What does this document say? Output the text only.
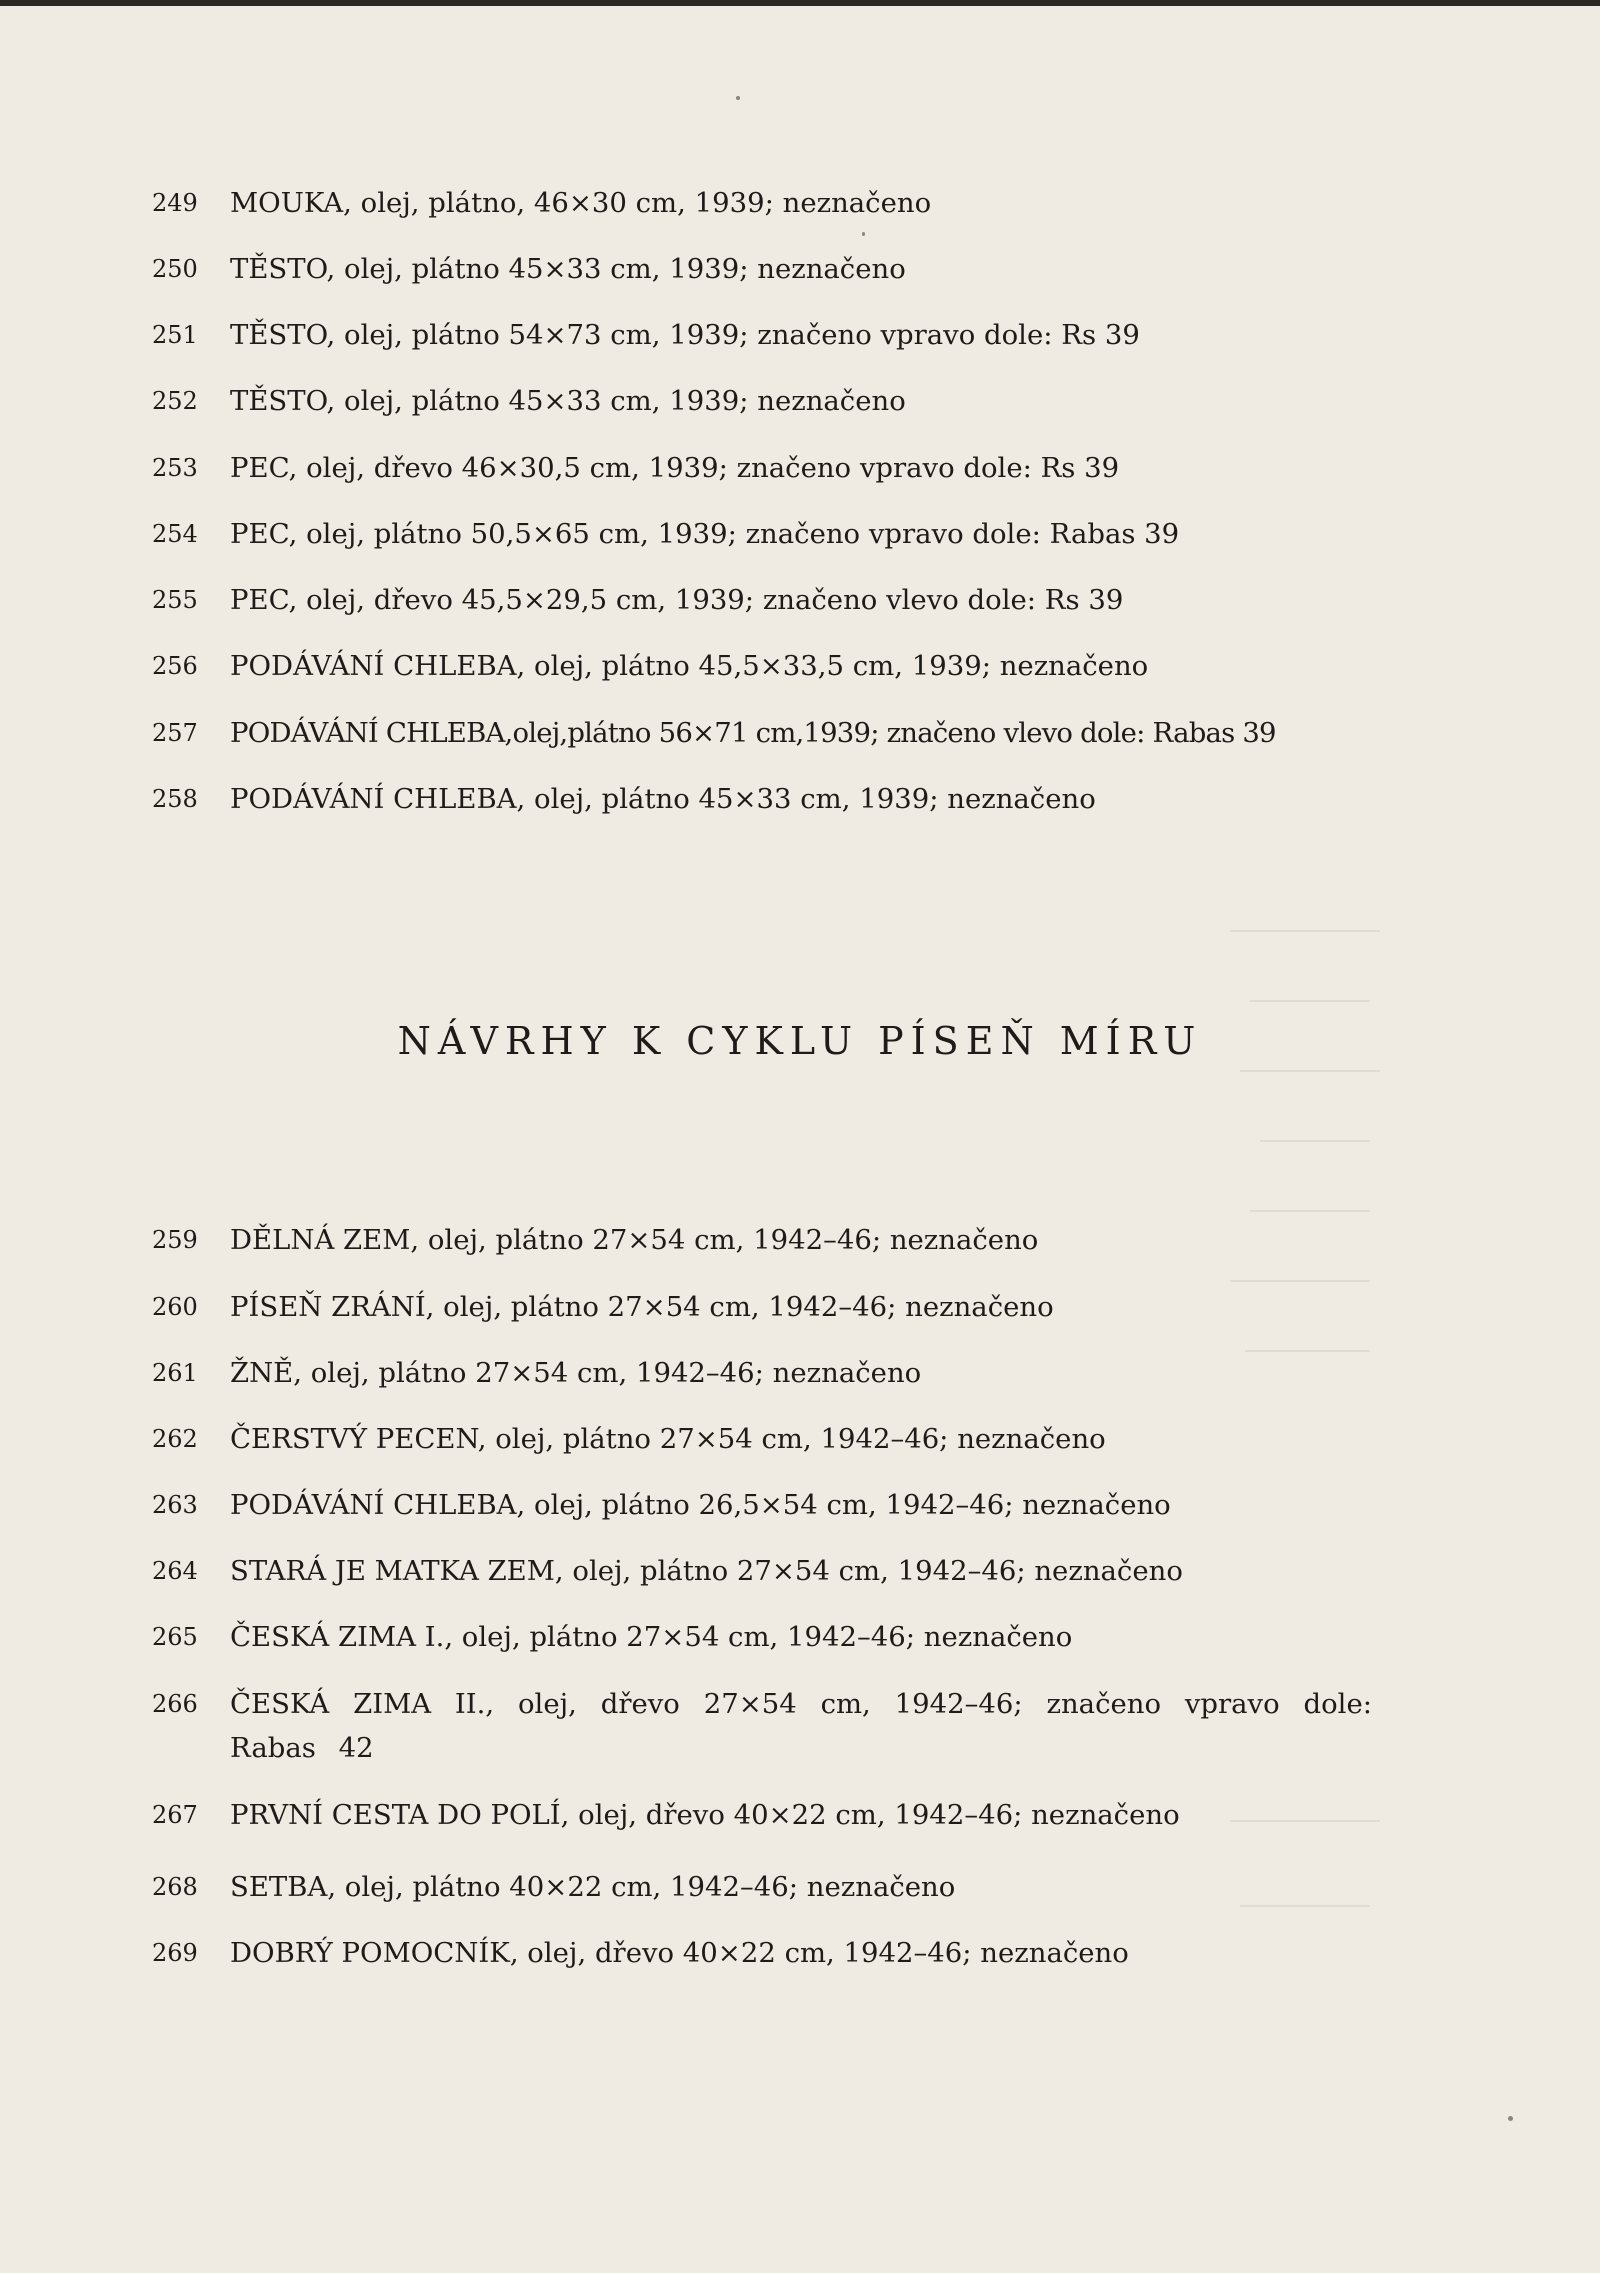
249	MOUKA, olej, plátno, 46×30 cm, 1939; neznačeno
250	TĚSTO, olej, plátno 45×33 cm, 1939; neznačeno
251	TĚSTO, olej, plátno 54×73 cm, 1939; značeno vpravo dole: Rs 39
252	TĚSTO, olej, plátno 45×33 cm, 1939; neznačeno
253	PEC, olej, dřevo 46×30,5 cm, 1939; značeno vpravo dole: Rs 39
254	PEC, olej, plátno 50,5×65 cm, 1939; značeno vpravo dole: Rabas 39
255	PEC, olej, dřevo 45,5×29,5 cm, 1939; značeno vlevo dole: Rs 39
256	PODÁVÁNÍ CHLEBA, olej, plátno 45,5×33,5 cm, 1939; neznačeno
257	PODÁVÁNÍ CHLEBA,olej,plátno 56×71 cm,1939; značeno vlevo dole: Rabas 39
258	PODÁVÁNÍ CHLEBA, olej, plátno 45×33 cm, 1939; neznačeno
NÁVRHY K CYKLU PÍSEŇ MÍRU
259	DĚLNÁ ZEM, olej, plátno 27×54 cm, 1942–46; neznačeno
260	PÍSEŇ ZRÁNÍ, olej, plátno 27×54 cm, 1942–46; neznačeno
261	ŽNĚ, olej, plátno 27×54 cm, 1942–46; neznačeno
262	ČERSTVÝ PECEN, olej, plátno 27×54 cm, 1942–46; neznačeno
263	PODÁVÁNÍ CHLEBA, olej, plátno 26,5×54 cm, 1942–46; neznačeno
264	STARÁ JE MATKA ZEM, olej, plátno 27×54 cm, 1942–46; neznačeno
265	ČESKÁ ZIMA I., olej, plátno 27×54 cm, 1942–46; neznačeno
266	ČESKÁ ZIMA II., olej, dřevo 27×54 cm, 1942–46; značeno vpravo dole: Rabas 42
267	PRVNÍ CESTA DO POLÍ, olej, dřevo 40×22 cm, 1942–46; neznačeno
268	SETBA, olej, plátno 40×22 cm, 1942–46; neznačeno
269	DOBRÝ POMOCNÍK, olej, dřevo 40×22 cm, 1942–46; neznačeno
